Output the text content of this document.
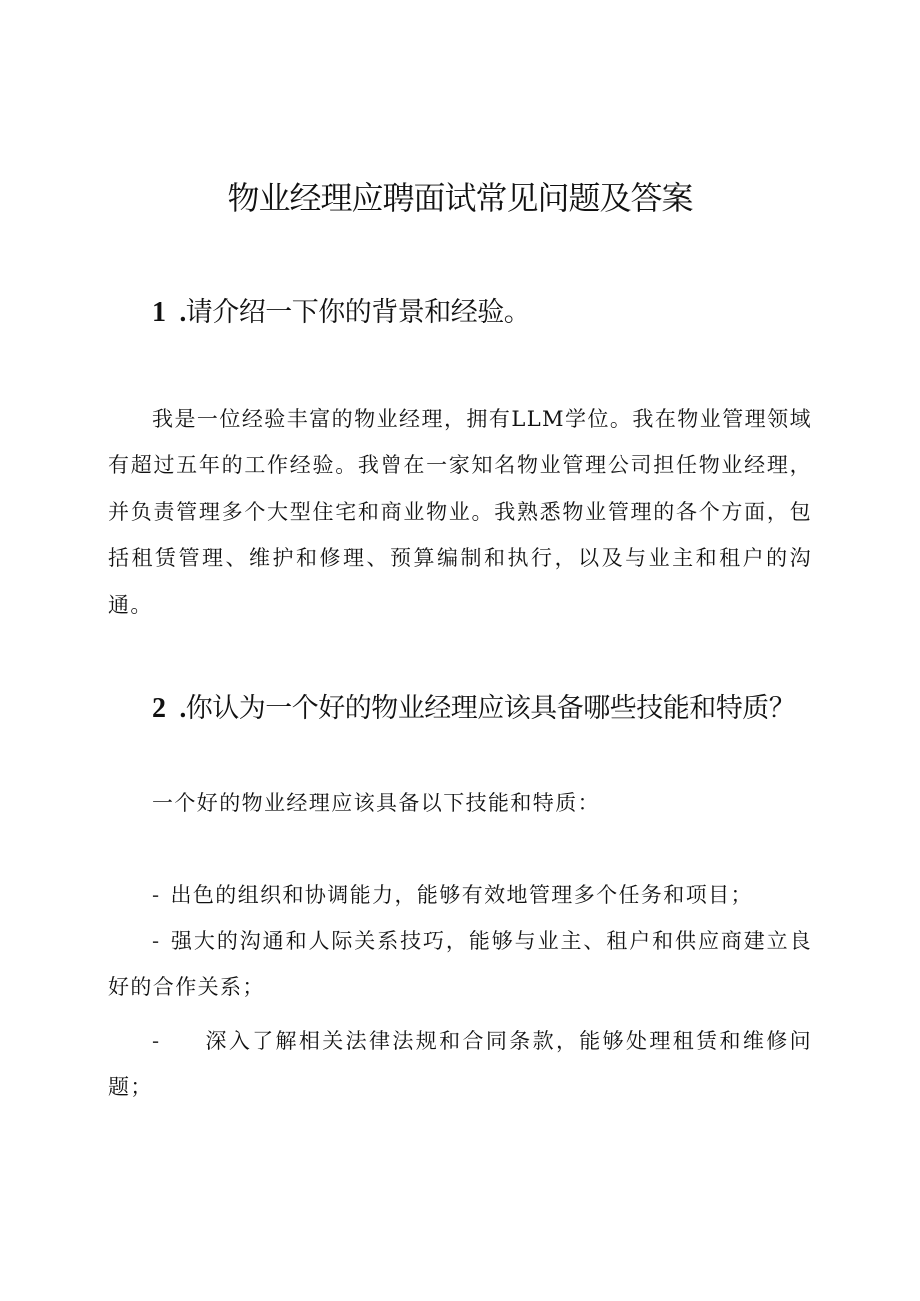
物业经理应聘面试常见问题及答案
1 .请介绍一下你的背景和经验。

我是一位经验丰富的物业经理，拥有LLM学位。我在物业管理领域有超过五年的工作经验。我曾在一家知名物业管理公司担任物业经理，并负责管理多个大型住宅和商业物业。我熟悉物业管理的各个方面，包括租赁管理、维护和修理、预算编制和执行，以及与业主和租户的沟通。

2 .你认为一个好的物业经理应该具备哪些技能和特质？

一个好的物业经理应该具备以下技能和特质：

- 出色的组织和协调能力，能够有效地管理多个任务和项目；

- 强大的沟通和人际关系技巧，能够与业主、租户和供应商建立良好的合作关系；

- 深入了解相关法律法规和合同条款，能够处理租赁和维修问题；
